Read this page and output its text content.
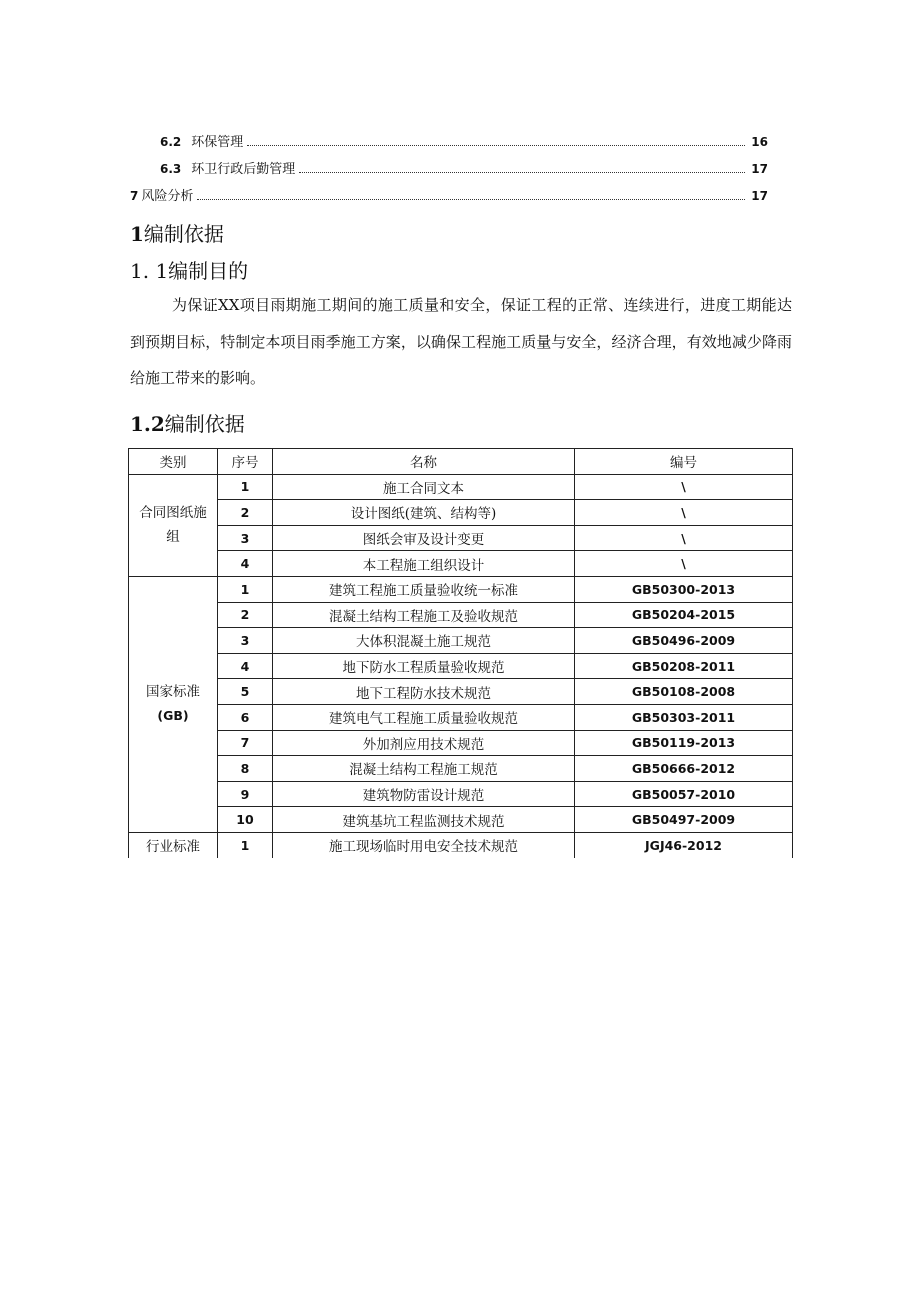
6.2 环保管理	16
6.3 环卫行政后勤管理	17
7 风险分析	17
1编制依据
1. 1编制目的

为保证XX项目雨期施工期间的施工质量和安全，保证工程的正常、连续进行，进度工期能达到预期目标，特制定本项目雨季施工方案，以确保工程施工质量与安全，经济合理，有效地减少降雨给施工带来的影响。

1.2编制依据
类别	序号	名称	编号
合同图纸施
组	1	施工合同文本	\
	2	设计图纸(建筑、结构等)	\
	3	图纸会审及设计变更	\
	4	本工程施工组织设计	\
国家标准
(GB)	1	建筑工程施工质量验收统一标准	GB50300-2013
	2	混凝土结构工程施工及验收规范	GB50204-2015
	3	大体积混凝土施工规范	GB50496-2009
	4	地下防水工程质量验收规范	GB50208-2011
	5	地下工程防水技术规范	GB50108-2008
	6	建筑电气工程施工质量验收规范	GB50303-2011
	7	外加剂应用技术规范	GB50119-2013
	8	混凝土结构工程施工规范	GB50666-2012
	9	建筑物防雷设计规范	GB50057-2010
	10	建筑基坑工程监测技术规范	GB50497-2009
行业标准	1	施工现场临时用电安全技术规范	JGJ46-2012
